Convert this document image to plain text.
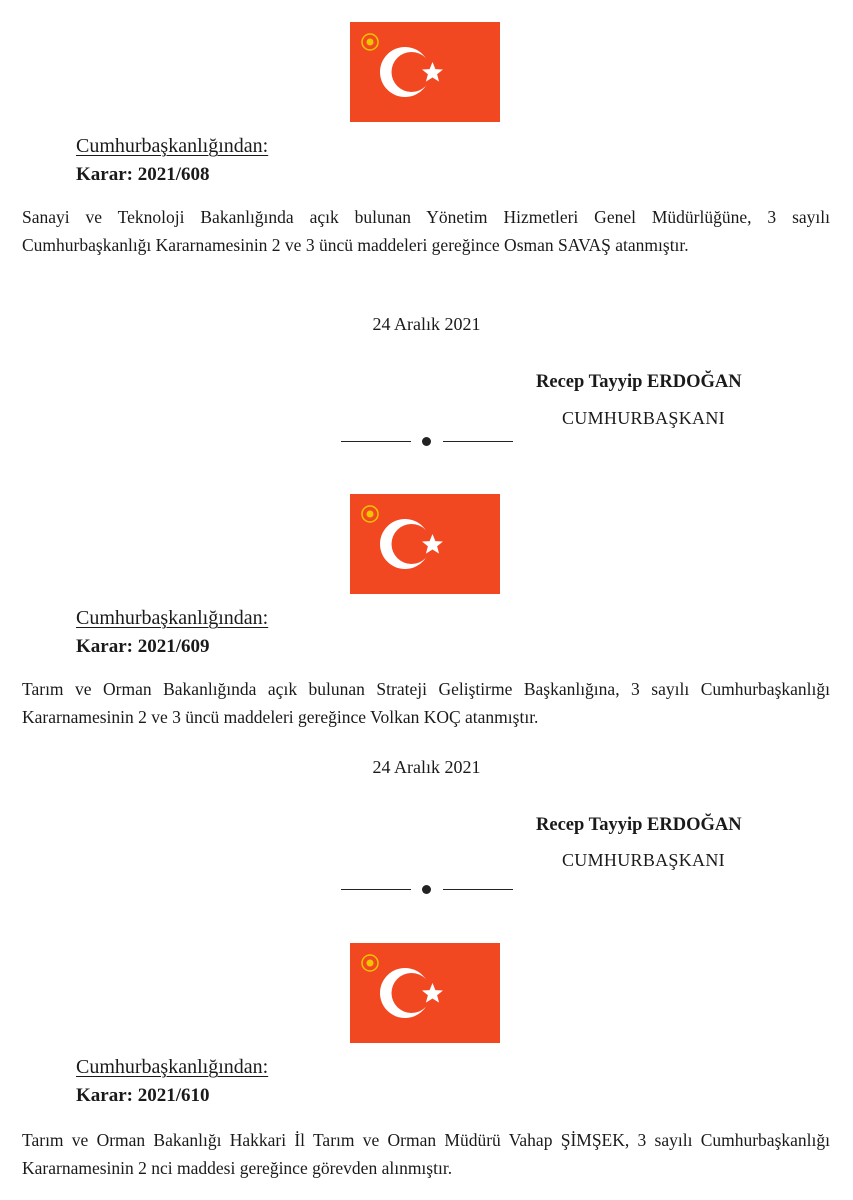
Cumhurbaşkanlığından:

Karar: 2021/608

Sanayi ve Teknoloji Bakanlığında açık bulunan Yönetim Hizmetleri Genel Müdürlüğüne, 3 sayılı Cumhurbaşkanlığı Kararnamesinin 2 ve 3 üncü maddeleri gereğince Osman SAVAŞ atanmıştır.

24 Aralık 2021

Recep Tayyip ERDOĞAN

CUMHURBAŞKANI

Cumhurbaşkanlığından:

Karar: 2021/609

Tarım ve Orman Bakanlığında açık bulunan Strateji Geliştirme Başkanlığına, 3 sayılı Cumhurbaşkanlığı Kararnamesinin 2 ve 3 üncü maddeleri gereğince Volkan KOÇ atanmıştır.

24 Aralık 2021

Recep Tayyip ERDOĞAN

CUMHURBAŞKANI

Cumhurbaşkanlığından:

Karar: 2021/610

Tarım ve Orman Bakanlığı Hakkari İl Tarım ve Orman Müdürü Vahap ŞİMŞEK, 3 sayılı Cumhurbaşkanlığı Kararnamesinin 2 nci maddesi gereğince görevden alınmıştır.
